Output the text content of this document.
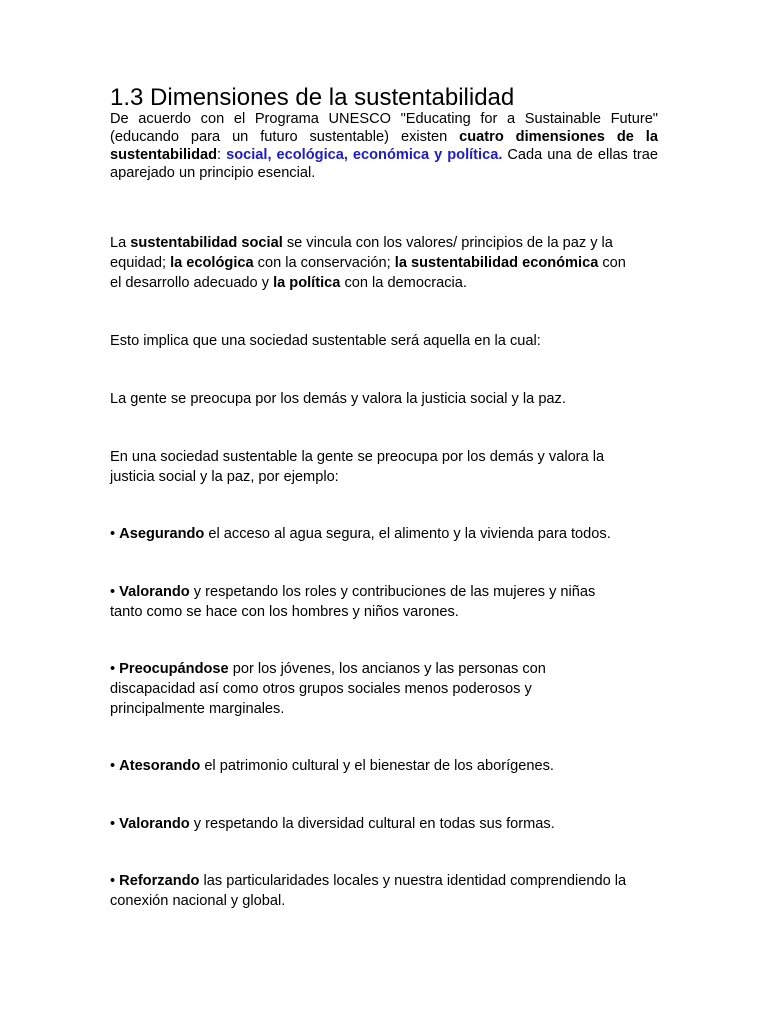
1.3 Dimensiones de la sustentabilidad
De acuerdo con el Programa UNESCO "Educating for a Sustainable Future" (educando para un futuro sustentable) existen cuatro dimensiones de la sustentabilidad: social, ecológica, económica y política. Cada una de ellas trae aparejado un principio esencial.
La sustentabilidad social se vincula con los valores/ principios de la paz y la
equidad; la ecológica con la conservación; la sustentabilidad económica con
el desarrollo adecuado y la política con la democracia.
Esto implica que una sociedad sustentable será aquella en la cual:
La gente se preocupa por los demás y valora la justicia social y la paz.
En una sociedad sustentable la gente se preocupa por los demás y valora la
justicia social y la paz, por ejemplo:
• Asegurando el acceso al agua segura, el alimento y la vivienda para todos.
• Valorando y respetando los roles y contribuciones de las mujeres y niñas
tanto como se hace con los hombres y niños varones.
• Preocupándose por los jóvenes, los ancianos y las personas con
discapacidad así como otros grupos sociales menos poderosos y
principalmente marginales.
• Atesorando el patrimonio cultural y el bienestar de los aborígenes.
• Valorando y respetando la diversidad cultural en todas sus formas.
• Reforzando las particularidades locales y nuestra identidad comprendiendo la
conexión nacional y global.
